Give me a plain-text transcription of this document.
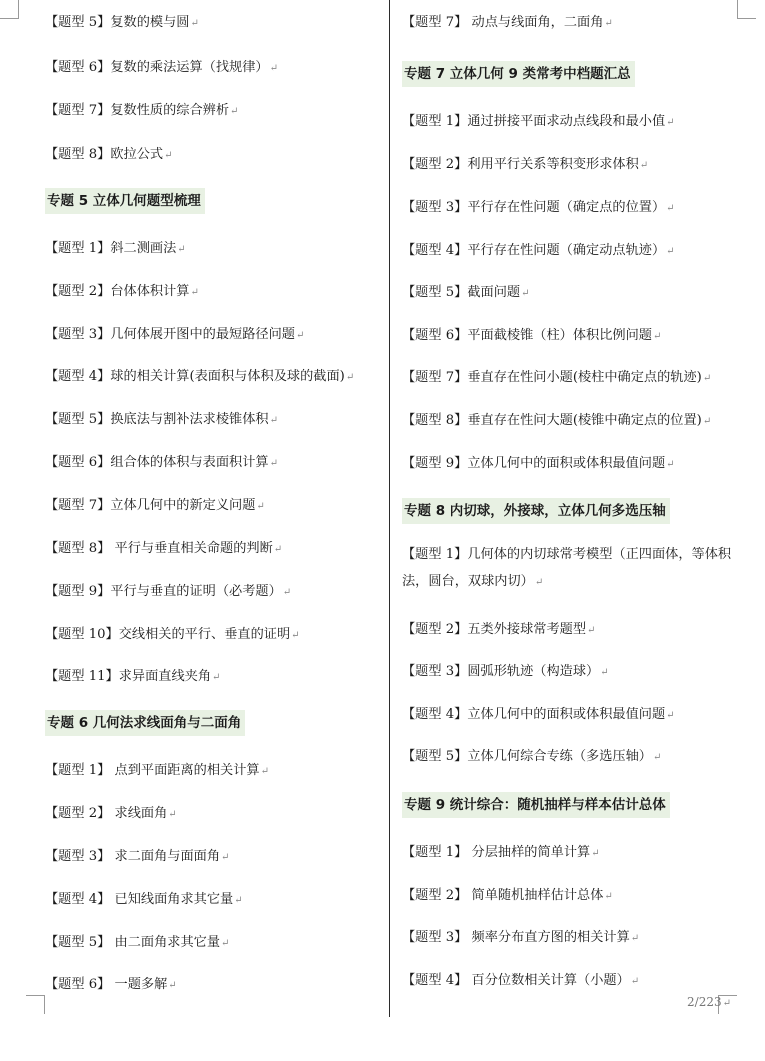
【题型 5】复数的模与圆↵
【题型 6】复数的乘法运算（找规律）↵
【题型 7】复数性质的综合辨析↵
【题型 8】欧拉公式↵
专题 5 立体几何题型梳理
【题型 1】斜二测画法↵
【题型 2】台体体积计算↵
【题型 3】几何体展开图中的最短路径问题↵
【题型 4】球的相关计算(表面积与体积及球的截面)↵
【题型 5】换底法与割补法求棱锥体积↵
【题型 6】组合体的体积与表面积计算↵
【题型 7】立体几何中的新定义问题↵
【题型 8】 平行与垂直相关命题的判断↵
【题型 9】平行与垂直的证明（必考题）↵
【题型 10】交线相关的平行、垂直的证明↵
【题型 11】求异面直线夹角↵
专题 6 几何法求线面角与二面角
【题型 1】 点到平面距离的相关计算↵
【题型 2】 求线面角↵
【题型 3】 求二面角与面面角↵
【题型 4】 已知线面角求其它量↵
【题型 5】 由二面角求其它量↵
【题型 6】 一题多解↵
【题型 7】 动点与线面角，二面角↵
专题 7 立体几何 9 类常考中档题汇总
【题型 1】通过拼接平面求动点线段和最小值↵
【题型 2】利用平行关系等积变形求体积↵
【题型 3】平行存在性问题（确定点的位置）↵
【题型 4】平行存在性问题（确定动点轨迹）↵
【题型 5】截面问题↵
【题型 6】平面截棱锥（柱）体积比例问题↵
【题型 7】垂直存在性问小题(棱柱中确定点的轨迹)↵
【题型 8】垂直存在性问大题(棱锥中确定点的位置)↵
【题型 9】立体几何中的面积或体积最值问题↵
专题 8 内切球，外接球，立体几何多选压轴
【题型 1】几何体的内切球常考模型（正四面体，等体积法，圆台，双球内切）↵
【题型 2】五类外接球常考题型↵
【题型 3】圆弧形轨迹（构造球）↵
【题型 4】立体几何中的面积或体积最值问题↵
【题型 5】立体几何综合专练（多选压轴）↵
专题 9 统计综合：随机抽样与样本估计总体
【题型 1】 分层抽样的简单计算↵
【题型 2】 简单随机抽样估计总体↵
【题型 3】 频率分布直方图的相关计算↵
【题型 4】 百分位数相关计算（小题）↵
2/223↵
